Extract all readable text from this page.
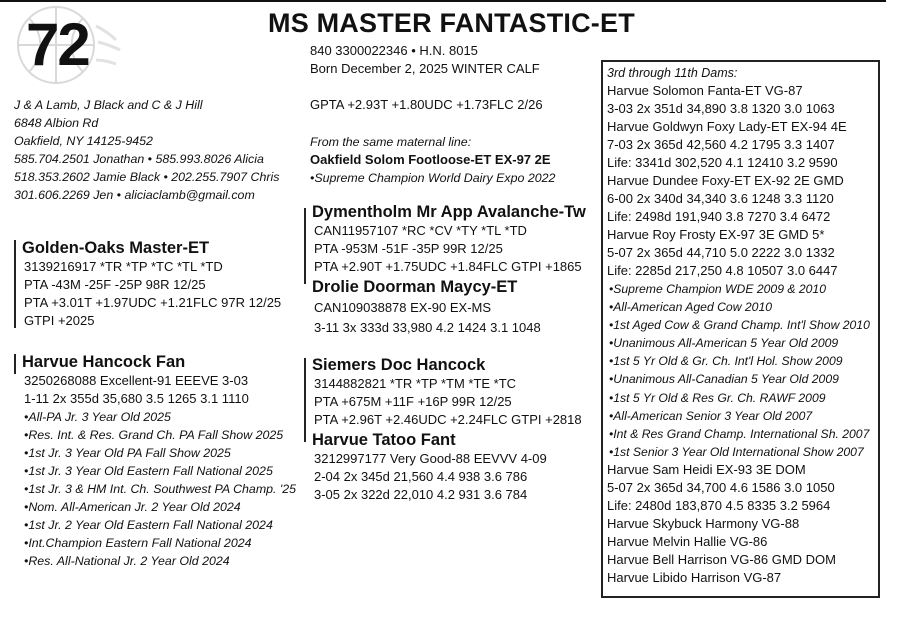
72	MS MASTER FANTASTIC-ET
840 3300022346 • H.N. 8015
Born December 2, 2025 WINTER CALF
GPTA +2.93T +1.80UDC +1.73FLC 2/26
J & A Lamb, J Black and C & J Hill
6848 Albion Rd
Oakfield, NY 14125-9452
585.704.2501 Jonathan • 585.993.8026 Alicia
518.353.2602 Jamie Black • 202.255.7907 Chris
301.606.2269 Jen • aliciaclamb@gmail.com
From the same maternal line:
Oakfield Solom Footloose-ET EX-97 2E
•Supreme Champion World Dairy Expo 2022
Golden-Oaks Master-ET
3139216917 *TR *TP *TC *TL *TD
PTA -43M -25F -25P 98R 12/25
PTA +3.01T +1.97UDC +1.21FLC 97R 12/25
GTPI +2025
Dymentholm Mr App Avalanche-Tw
CAN11957107 *RC *CV *TY *TL *TD
PTA -953M -51F -35P 99R 12/25
PTA +2.90T +1.75UDC +1.84FLC GTPI +1865
Drolie Doorman Maycy-ET
CAN109038878 EX-90 EX-MS
3-11 3x 333d 33,980 4.2 1424 3.1 1048
Harvue Hancock Fan
3250268088 Excellent-91 EEEVE 3-03
1-11 2x 355d 35,680 3.5 1265 3.1 1110
•All-PA Jr. 3 Year Old 2025
•Res. Int. & Res. Grand Ch. PA Fall Show 2025
•1st Jr. 3 Year Old PA Fall Show 2025
•1st Jr. 3 Year Old Eastern Fall National 2025
•1st Jr. 3 & HM Int. Ch. Southwest PA Champ. '25
•Nom. All-American Jr. 2 Year Old 2024
•1st Jr. 2 Year Old Eastern Fall National 2024
•Int.Champion Eastern Fall National 2024
•Res. All-National Jr. 2 Year Old 2024
Siemers Doc Hancock
3144882821 *TR *TP *TM *TE *TC
PTA +675M +11F +16P 99R 12/25
PTA +2.96T +2.46UDC +2.24FLC GTPI +2818
Harvue Tatoo Fant
3212997177 Very Good-88 EEVVV 4-09
2-04 2x 345d 21,560 4.4 938 3.6 786
3-05 2x 322d 22,010 4.2 931 3.6 784
3rd through 11th Dams:
Harvue Solomon Fanta-ET VG-87
3-03 2x 351d 34,890 3.8 1320 3.0 1063
Harvue Goldwyn Foxy Lady-ET EX-94 4E
7-03 2x 365d 42,560 4.2 1795 3.3 1407
Life: 3341d 302,520 4.1 12410 3.2 9590
Harvue Dundee Foxy-ET EX-92 2E GMD
6-00 2x 340d 34,340 3.6 1248 3.3 1120
Life: 2498d 191,940 3.8 7270 3.4 6472
Harvue Roy Frosty EX-97 3E GMD 5*
5-07 2x 365d 44,710 5.0 2222 3.0 1332
Life: 2285d 217,250 4.8 10507 3.0 6447
•Supreme Champion WDE 2009 & 2010
•All-American Aged Cow 2010
•1st Aged Cow & Grand Champ. Int'l Show 2010
•Unanimous All-American 5 Year Old 2009
•1st 5 Yr Old & Gr. Ch. Int'l Hol. Show 2009
•Unanimous All-Canadian 5 Year Old 2009
•1st 5 Yr Old & Res Gr. Ch. RAWF 2009
•All-American Senior 3 Year Old 2007
•Int & Res Grand Champ. International Sh. 2007
•1st Senior 3 Year Old International Show 2007
Harvue Sam Heidi EX-93 3E DOM
5-07 2x 365d 34,700 4.6 1586 3.0 1050
Life: 2480d 183,870 4.5 8335 3.2 5964
Harvue Skybuck Harmony VG-88
Harvue Melvin Hallie VG-86
Harvue Bell Harrison VG-86 GMD DOM
Harvue Libido Harrison VG-87
